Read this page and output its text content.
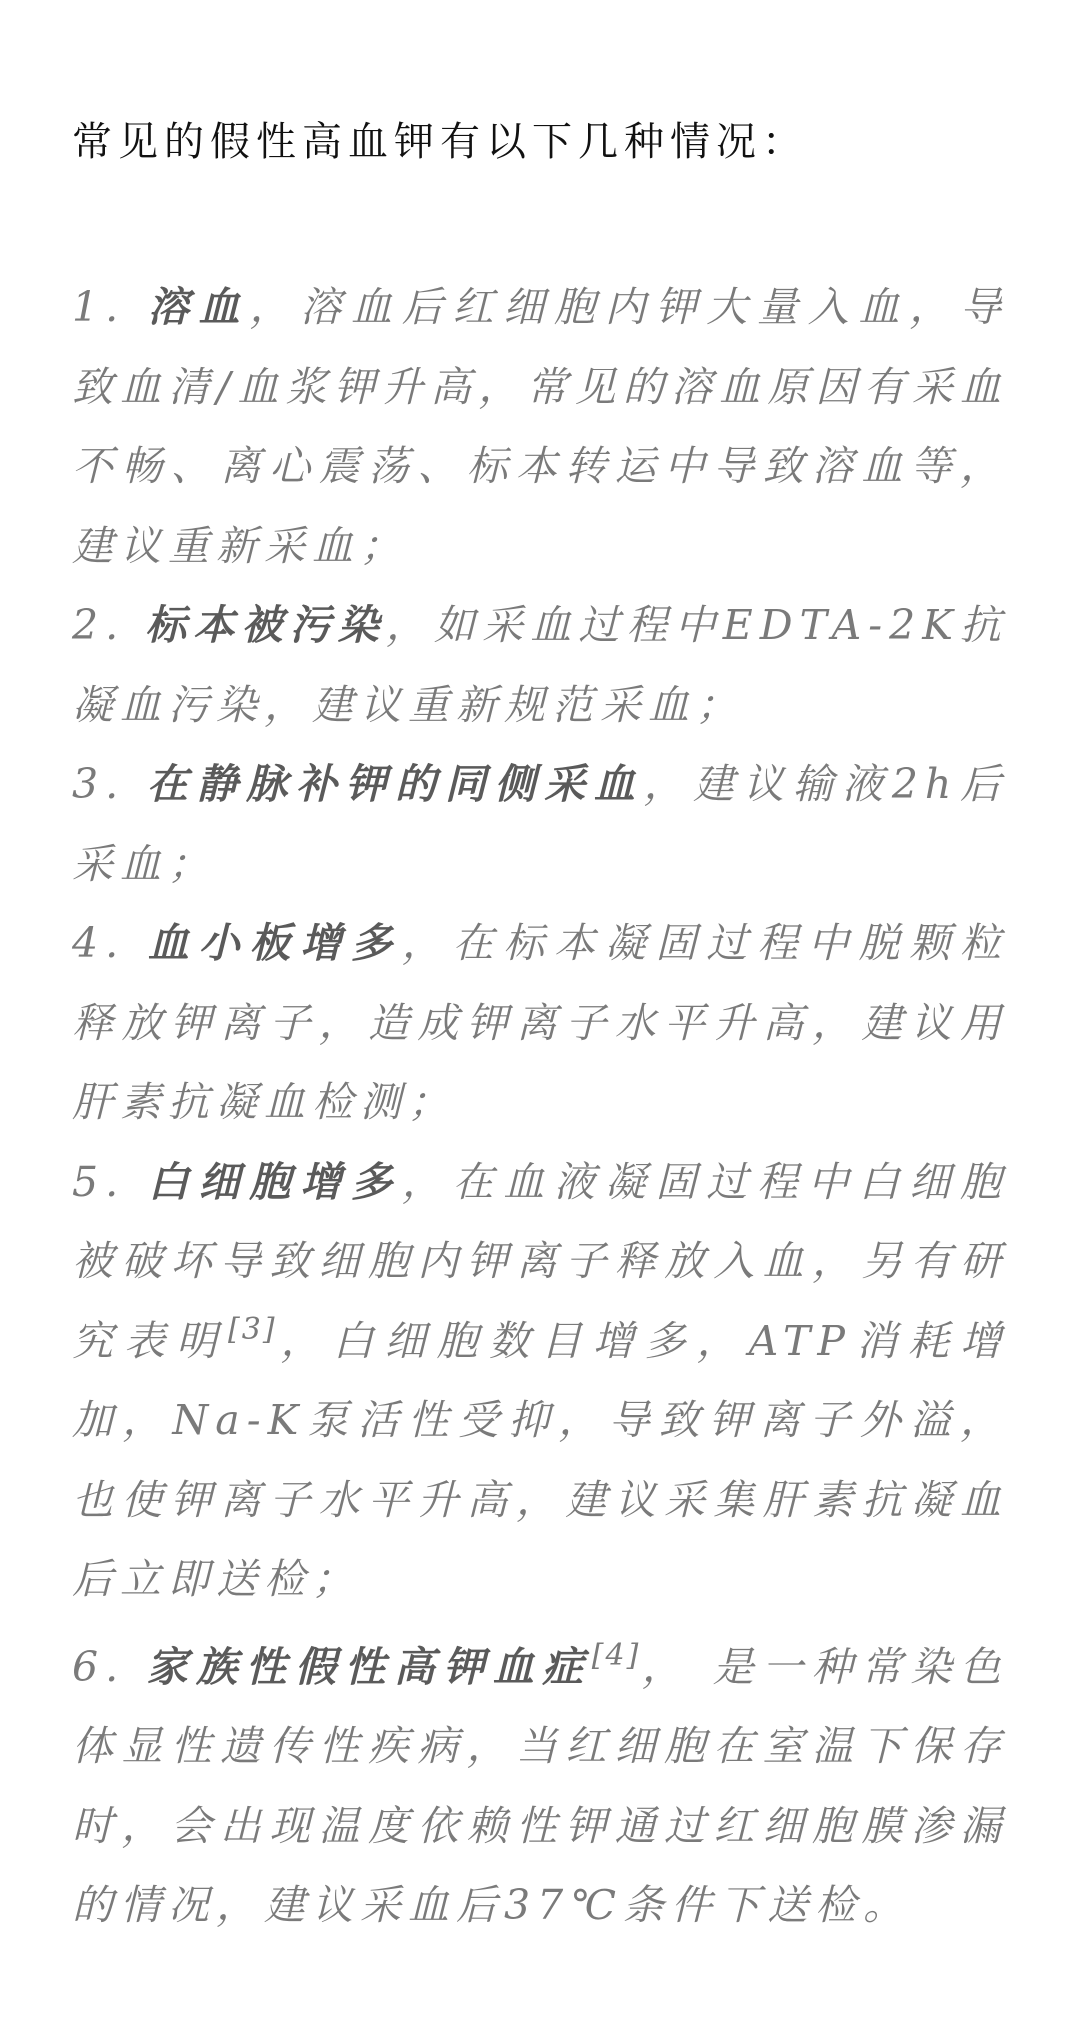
常见的假性高血钾有以下几种情况：

1. 溶血，溶血后红细胞内钾大量入血，导致血清/血浆钾升高，常见的溶血原因有采血不畅、离心震荡、标本转运中导致溶血等，建议重新采血；

2. 标本被污染，如采血过程中EDTA-2K抗凝血污染，建议重新规范采血；

3. 在静脉补钾的同侧采血，建议输液2h后采血；

4. 血小板增多，在标本凝固过程中脱颗粒释放钾离子，造成钾离子水平升高，建议用肝素抗凝血检测；

5. 白细胞增多，在血液凝固过程中白细胞被破坏导致细胞内钾离子释放入血，另有研究表明[3]，白细胞数目增多，ATP消耗增加，Na-K泵活性受抑，导致钾离子外溢，也使钾离子水平升高，建议采集肝素抗凝血后立即送检；

6. 家族性假性高钾血症[4]， 是一种常染色体显性遗传性疾病，当红细胞在室温下保存时，会出现温度依赖性钾通过红细胞膜渗漏的情况，建议采血后37℃条件下送检。
